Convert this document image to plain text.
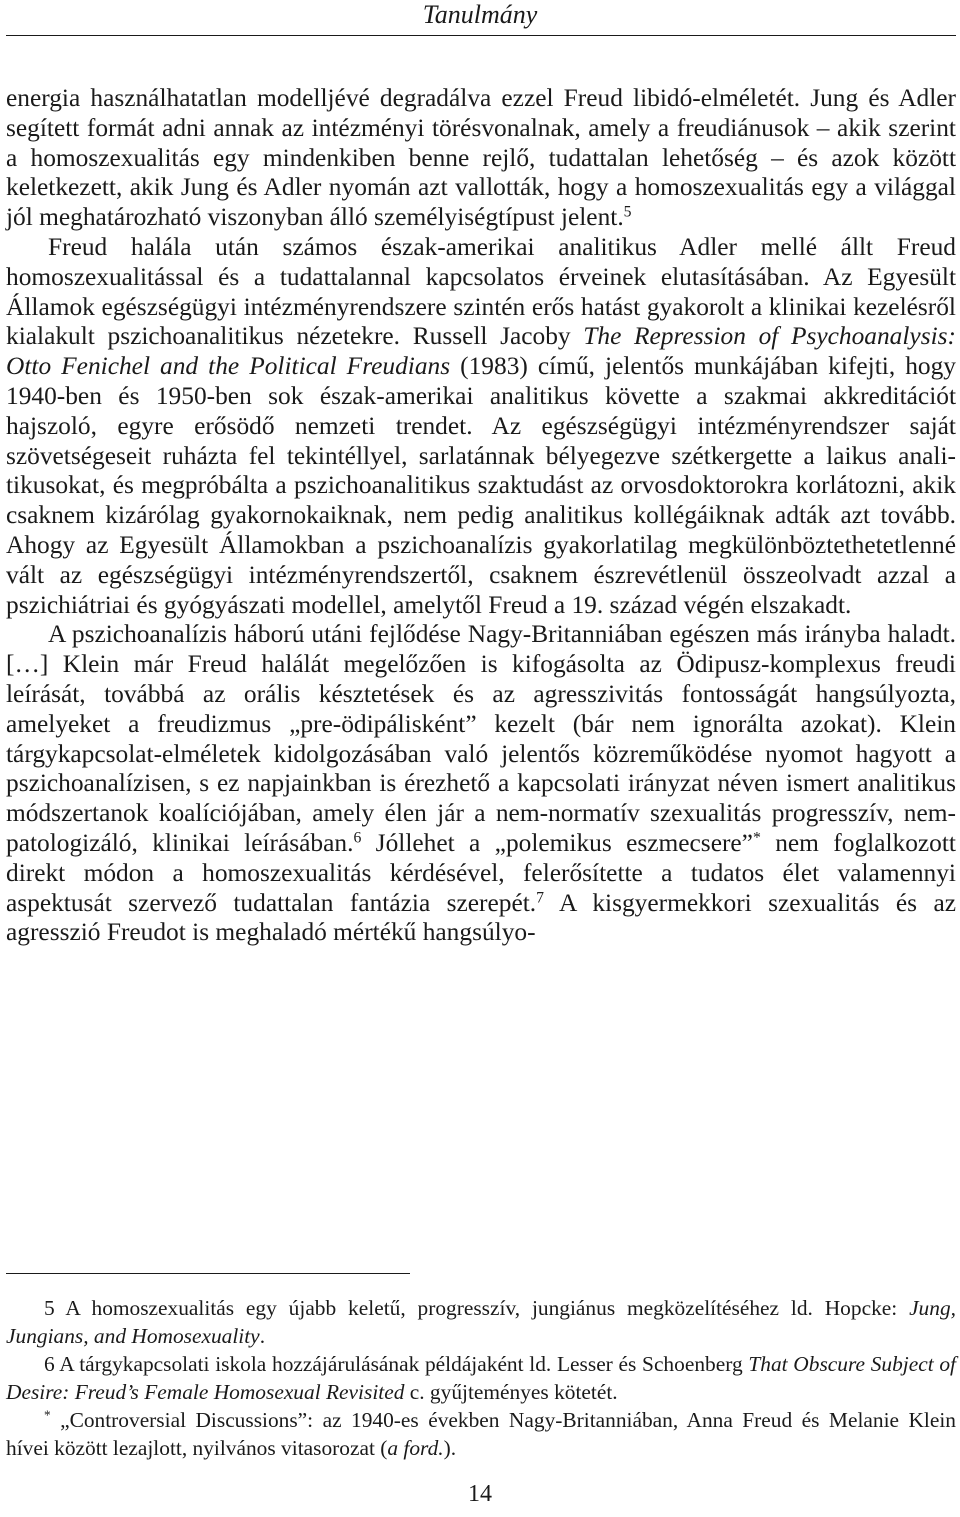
Tanulmány

energia használhatatlan modelljévé degradálva ezzel Freud libidó-elméletét. Jung és Adler segített formát adni annak az intézményi törésvonalnak, amely a freudiánusok – akik szerint a homoszexualitás egy mindenkiben benne rejlő, tudattalan lehetőség – és azok között keletkezett, akik Jung és Adler nyomán azt vallották, hogy a homoszexualitás egy a világgal jól meghatározható viszonyban álló személyiségtípust jelent.$^5$

Freud halála után számos észak-amerikai analitikus Adler mellé állt Freud homoszexualitással és a tudattalannal kapcsolatos érveinek elutasításában. Az Egyesült Államok egészségügyi intézményrendszere szintén erős hatást gyakorolt a klinikai kezelésről kialakult pszichoanalitikus nézetekre. Russell Jacoby The Repression of Psychoanalysis: Otto Fenichel and the Political Freudians (1983) című, jelentős munkájában kifejti, hogy 1940-ben és 1950-ben sok észak-amerikai analitikus követte a szakmai akkreditációt hajszoló, egyre erősödő nemzeti trendet. Az egészségügyi intézményrendszer saját szövetségeseit ruházta fel tekintéllyel, sarlatánnak bélyegezve szétkergette a laikus analitikusokat, és megpróbálta a pszichoanalitikus szaktudást az orvosdoktorokra korlátozni, akik csaknem kizárólag gyakornokaiknak, nem pedig analitikus kollégáiknak adták azt tovább. Ahogy az Egyesült Államokban a pszichoanalízis gyakorlatilag megkülönböztethetetlenné vált az egészségügyi intézményrendszertől, csaknem észrevétlenül összeolvadt azzal a pszichiátriai és gyógyászati modellel, amelytől Freud a 19. század végén elszakadt.

A pszichoanalízis háború utáni fejlődése Nagy-Britanniában egészen más irányba haladt. […] Klein már Freud halálát megelőzően is kifogásolta az Ödipusz-komplexus freudi leírását, továbbá az orális késztetések és az agresszivitás fontosságát hangsúlyozta, amelyeket a freudizmus „pre-ödipálisként” kezelt (bár nem ignorálta azokat). Klein tárgykapcsolat-elméletek kidolgozásában való jelentős közreműködése nyomot hagyott a pszichoanalízisen, s ez napjainkban is érezhető a kapcsolati irányzat néven ismert analitikus módszertanok koalíciójában, amely élen jár a nem-normatív szexualitás progresszív, nempatologizáló, klinikai leírásában.$^6$ Jóllehet a „polemikus eszmecsere”* nem foglalkozott direkt módon a homoszexualitás kérdésével, felerősítette a tudatos élet valamennyi aspektusát szervező tudattalan fantázia szerepét.$^7$ A kisgyermekkori szexualitás és az agresszió Freudot is meghaladó mértékű hangsúlyo-

5 A homoszexualitás egy újabb keletű, progresszív, jungiánus megközelítéséhez ld. Hopcke: Jung, Jungians, and Homosexuality.

6 A tárgykapcsolati iskola hozzájárulásának példájaként ld. Lesser és Schoenberg That Obscure Subject of Desire: Freud’s Female Homosexual Revisited c. gyűjteményes kötetét.

* „Controversial Discussions”: az 1940-es években Nagy-Britanniában, Anna Freud és Melanie Klein hívei között lezajlott, nyilvános vitasorozat (a ford.).

14
